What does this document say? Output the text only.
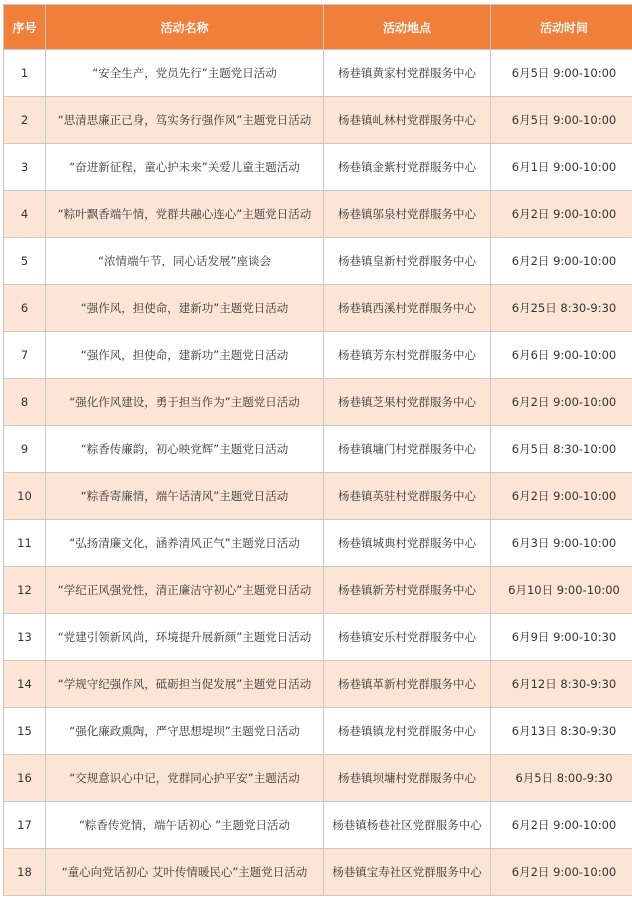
序号	活动名称	活动地点	活动时间
1	“安全生产，党员先行”主题党日活动	杨巷镇黄家村党群服务中心	6月5日 9:00-10:00
2	“思清思廉正己身，笃实务行强作风”主题党日活动	杨巷镇乢林村党群服务中心	6月5日 9:00-10:00
3	“奋进新征程，童心护未来”关爱儿童主题活动	杨巷镇金紫村党群服务中心	6月1日 9:00-10:00
4	“粽叶飘香端午情，党群共融心连心”主题党日活动	杨巷镇邬泉村党群服务中心	6月2日 9:00-10:00
5	“浓情端午节，同心话发展”座谈会	杨巷镇皇新村党群服务中心	6月2日 9:00-10:00
6	“强作风，担使命，建新功”主题党日活动	杨巷镇西溪村党群服务中心	6月25日 8:30-9:30
7	“强作风，担使命，建新功”主题党日活动	杨巷镇芳东村党群服务中心	6月6日 9:00-10:00
8	“强化作风建设，勇于担当作为”主题党日活动	杨巷镇芝果村党群服务中心	6月2日 9:00-10:00
9	“粽香传廉韵，初心映党辉”主题党日活动	杨巷镇墉门村党群服务中心	6月5日 8:30-10:00
10	“粽香寄廉情，端午话清风”主题党日活动	杨巷镇英驻村党群服务中心	6月2日 9:00-10:00
11	“弘扬清廉文化，涵养清风正气”主题党日活动	杨巷镇城典村党群服务中心	6月3日 9:00-10:00
12	“学纪正风强党性，清正廉洁守初心”主题党日活动	杨巷镇新芳村党群服务中心	6月10日 9:00-10:00
13	“党建引领新风尚，环境提升展新颜”主题党日活动	杨巷镇安乐村党群服务中心	6月9日 9:00-10:30
14	“学规守纪强作风，砥砺担当促发展”主题党日活动	杨巷镇革新村党群服务中心	6月12日 8:30-9:30
15	“强化廉政熏陶，严守思想堤坝”主题党日活动	杨巷镇镇龙村党群服务中心	6月13日 8:30-9:30
16	“交规意识心中记，党群同心护平安”主题活动	杨巷镇坝墉村党群服务中心	6月5日 8:00-9:30
17	“粽香传党情，端午话初心 ”主题党日活动	杨巷镇杨巷社区党群服务中心	6月2日 9:00-10:00
18	“童心向党话初心 艾叶传情暖民心”主题党日活动	杨巷镇宝寿社区党群服务中心	6月2日 9:00-10:00
